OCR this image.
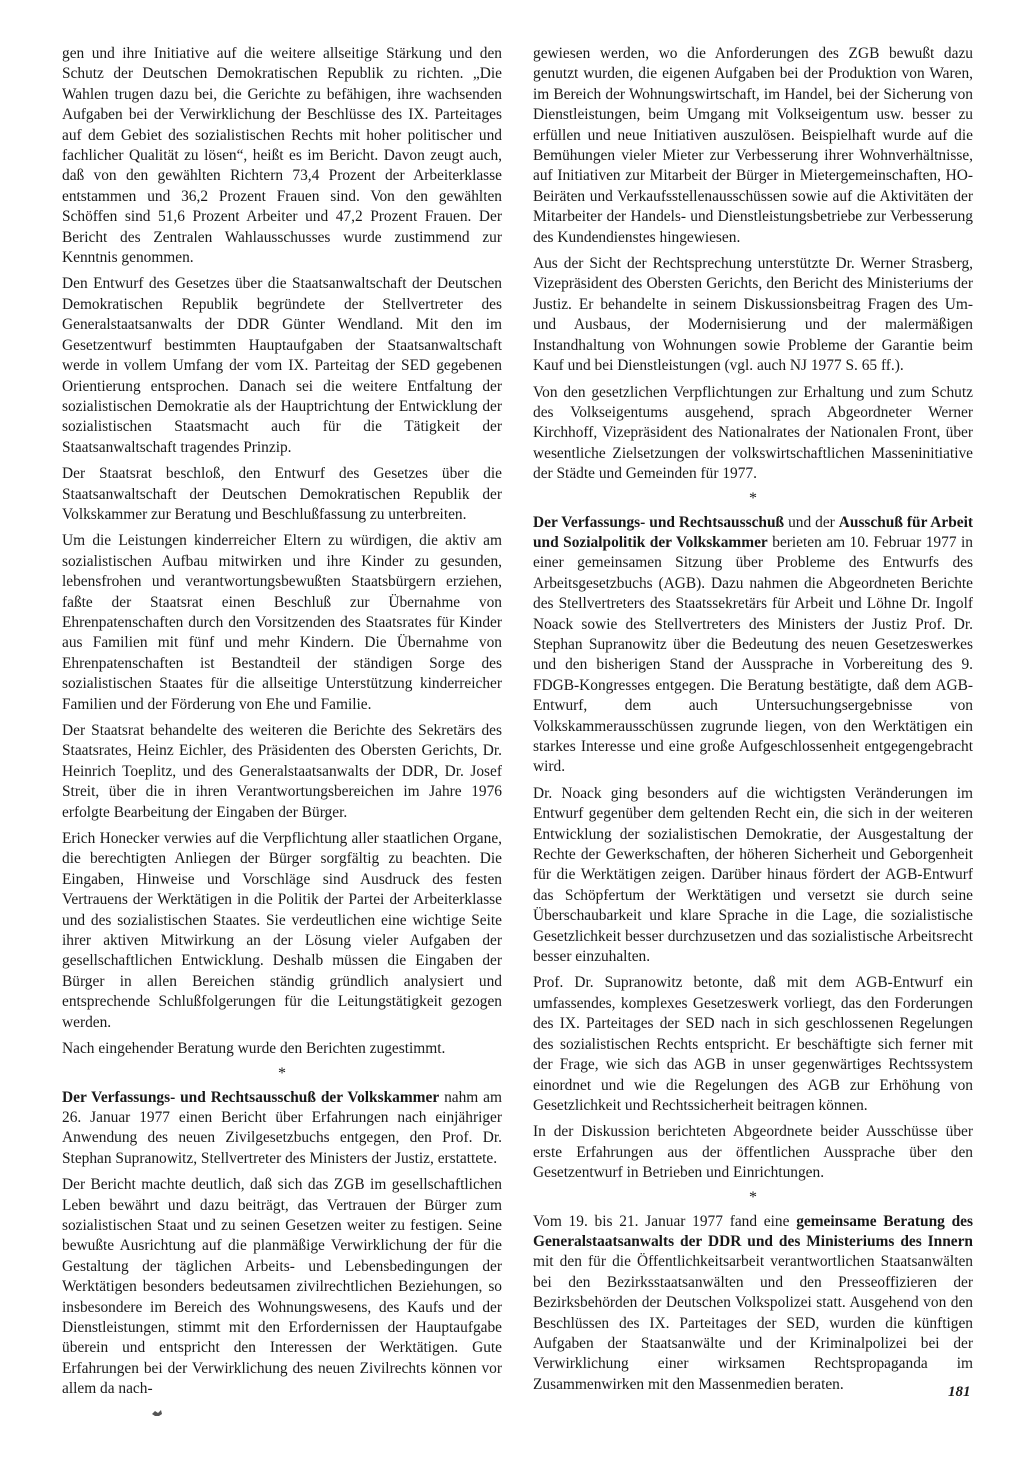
gen und ihre Initiative auf die weitere allseitige Stärkung und den Schutz der Deutschen Demokratischen Republik zu richten. „Die Wahlen trugen dazu bei, die Gerichte zu befähigen, ihre wachsenden Aufgaben bei der Verwirklichung der Beschlüsse des IX. Parteitages auf dem Gebiet des sozialistischen Rechts mit hoher politischer und fachlicher Qualität zu lösen“, heißt es im Bericht. Davon zeugt auch, daß von den gewählten Richtern 73,4 Prozent der Arbeiterklasse entstammen und 36,2 Prozent Frauen sind. Von den gewählten Schöffen sind 51,6 Prozent Arbeiter und 47,2 Prozent Frauen. Der Bericht des Zentralen Wahlausschusses wurde zustimmend zur Kenntnis genommen.

Den Entwurf des Gesetzes über die Staatsanwaltschaft der Deutschen Demokratischen Republik begründete der Stellvertreter des Generalstaatsanwalts der DDR Günter Wendland. Mit den im Gesetzentwurf bestimmten Hauptaufgaben der Staatsanwaltschaft werde in vollem Umfang der vom IX. Parteitag der SED gegebenen Orientierung entsprochen. Danach sei die weitere Entfaltung der sozialistischen Demokratie als der Hauptrichtung der Entwicklung der sozialistischen Staatsmacht auch für die Tätigkeit der Staatsanwaltschaft tragendes Prinzip.

Der Staatsrat beschloß, den Entwurf des Gesetzes über die Staatsanwaltschaft der Deutschen Demokratischen Republik der Volkskammer zur Beratung und Beschlußfassung zu unterbreiten.

Um die Leistungen kinderreicher Eltern zu würdigen, die aktiv am sozialistischen Aufbau mitwirken und ihre Kinder zu gesunden, lebensfrohen und verantwortungsbewußten Staatsbürgern erziehen, faßte der Staatsrat einen Beschluß zur Übernahme von Ehrenpatenschaften durch den Vorsitzenden des Staatsrates für Kinder aus Familien mit fünf und mehr Kindern. Die Übernahme von Ehrenpatenschaften ist Bestandteil der ständigen Sorge des sozialistischen Staates für die allseitige Unterstützung kinderreicher Familien und der Förderung von Ehe und Familie.

Der Staatsrat behandelte des weiteren die Berichte des Sekretärs des Staatsrates, Heinz Eichler, des Präsidenten des Obersten Gerichts, Dr. Heinrich Toeplitz, und des Generalstaatsanwalts der DDR, Dr. Josef Streit, über die in ihren Verantwortungsbereichen im Jahre 1976 erfolgte Bearbeitung der Eingaben der Bürger.

Erich Honecker verwies auf die Verpflichtung aller staatlichen Organe, die berechtigten Anliegen der Bürger sorgfältig zu beachten. Die Eingaben, Hinweise und Vorschläge sind Ausdruck des festen Vertrauens der Werktätigen in die Politik der Partei der Arbeiterklasse und des sozialistischen Staates. Sie verdeutlichen eine wichtige Seite ihrer aktiven Mitwirkung an der Lösung vieler Aufgaben der gesellschaftlichen Entwicklung. Deshalb müssen die Eingaben der Bürger in allen Bereichen ständig gründlich analysiert und entsprechende Schlußfolgerungen für die Leitungstätigkeit gezogen werden.

Nach eingehender Beratung wurde den Berichten zugestimmt.

*

Der Verfassungs- und Rechtsausschuß der Volkskammer nahm am 26. Januar 1977 einen Bericht über Erfahrungen nach einjähriger Anwendung des neuen Zivilgesetzbuchs entgegen, den Prof. Dr. Stephan Supranowitz, Stellvertreter des Ministers der Justiz, erstattete.

Der Bericht machte deutlich, daß sich das ZGB im gesellschaftlichen Leben bewährt und dazu beiträgt, das Vertrauen der Bürger zum sozialistischen Staat und zu seinen Gesetzen weiter zu festigen. Seine bewußte Ausrichtung auf die planmäßige Verwirklichung der für die Gestaltung der täglichen Arbeits- und Lebensbedingungen der Werktätigen besonders bedeutsamen zivilrechtlichen Beziehungen, so insbesondere im Bereich des Wohnungswesens, des Kaufs und der Dienstleistungen, stimmt mit den Erfordernissen der Hauptaufgabe überein und entspricht den Interessen der Werktätigen. Gute Erfahrungen bei der Verwirklichung des neuen Zivilrechts können vor allem da nach-

gewiesen werden, wo die Anforderungen des ZGB bewußt dazu genutzt wurden, die eigenen Aufgaben bei der Produktion von Waren, im Bereich der Wohnungswirtschaft, im Handel, bei der Sicherung von Dienstleistungen, beim Umgang mit Volkseigentum usw. besser zu erfüllen und neue Initiativen auszulösen. Beispielhaft wurde auf die Bemühungen vieler Mieter zur Verbesserung ihrer Wohnverhältnisse, auf Initiativen zur Mitarbeit der Bürger in Mietergemeinschaften, HO-Beiräten und Verkaufsstellenausschüssen sowie auf die Aktivitäten der Mitarbeiter der Handels- und Dienstleistungsbetriebe zur Verbesserung des Kundendienstes hingewiesen.

Aus der Sicht der Rechtsprechung unterstützte Dr. Werner Strasberg, Vizepräsident des Obersten Gerichts, den Bericht des Ministeriums der Justiz. Er behandelte in seinem Diskussionsbeitrag Fragen des Um- und Ausbaus, der Modernisierung und der malermäßigen Instandhaltung von Wohnungen sowie Probleme der Garantie beim Kauf und bei Dienstleistungen (vgl. auch NJ 1977 S. 65 ff.).

Von den gesetzlichen Verpflichtungen zur Erhaltung und zum Schutz des Volkseigentums ausgehend, sprach Abgeordneter Werner Kirchhoff, Vizepräsident des Nationalrates der Nationalen Front, über wesentliche Zielsetzungen der volkswirtschaftlichen Masseninitiative der Städte und Gemeinden für 1977.

*

Der Verfassungs- und Rechtsausschuß und der Ausschuß für Arbeit und Sozialpolitik der Volkskammer berieten am 10. Februar 1977 in einer gemeinsamen Sitzung über Probleme des Entwurfs des Arbeitsgesetzbuchs (AGB). Dazu nahmen die Abgeordneten Berichte des Stellvertreters des Staatssekretärs für Arbeit und Löhne Dr. Ingolf Noack sowie des Stellvertreters des Ministers der Justiz Prof. Dr. Stephan Supranowitz über die Bedeutung des neuen Gesetzeswerkes und den bisherigen Stand der Aussprache in Vorbereitung des 9. FDGB-Kongresses entgegen. Die Beratung bestätigte, daß dem AGB-Entwurf, dem auch Untersuchungsergebnisse von Volkskammerausschüssen zugrunde liegen, von den Werktätigen ein starkes Interesse und eine große Aufgeschlossenheit entgegengebracht wird.

Dr. Noack ging besonders auf die wichtigsten Veränderungen im Entwurf gegenüber dem geltenden Recht ein, die sich in der weiteren Entwicklung der sozialistischen Demokratie, der Ausgestaltung der Rechte der Gewerkschaften, der höheren Sicherheit und Geborgenheit für die Werktätigen zeigen. Darüber hinaus fördert der AGB-Entwurf das Schöpfertum der Werktätigen und versetzt sie durch seine Überschaubarkeit und klare Sprache in die Lage, die sozialistische Gesetzlichkeit besser durchzusetzen und das sozialistische Arbeitsrecht besser einzuhalten.

Prof. Dr. Supranowitz betonte, daß mit dem AGB-Entwurf ein umfassendes, komplexes Gesetzeswerk vorliegt, das den Forderungen des IX. Parteitages der SED nach in sich geschlossenen Regelungen des sozialistischen Rechts entspricht. Er beschäftigte sich ferner mit der Frage, wie sich das AGB in unser gegenwärtiges Rechtssystem einordnet und wie die Regelungen des AGB zur Erhöhung von Gesetzlichkeit und Rechtssicherheit beitragen können.

In der Diskussion berichteten Abgeordnete beider Ausschüsse über erste Erfahrungen aus der öffentlichen Aussprache über den Gesetzentwurf in Betrieben und Einrichtungen.

*

Vom 19. bis 21. Januar 1977 fand eine gemeinsame Beratung des Generalstaatsanwalts der DDR und des Ministeriums des Innern mit den für die Öffentlichkeitsarbeit verantwortlichen Staatsanwälten bei den Bezirksstaatsanwälten und den Presseoffizieren der Bezirksbehörden der Deutschen Volkspolizei statt. Ausgehend von den Beschlüssen des IX. Parteitages der SED, wurden die künftigen Aufgaben der Staatsanwälte und der Kriminalpolizei bei der Verwirklichung einer wirksamen Rechtspropaganda im Zusammenwirken mit den Massenmedien beraten.	181
